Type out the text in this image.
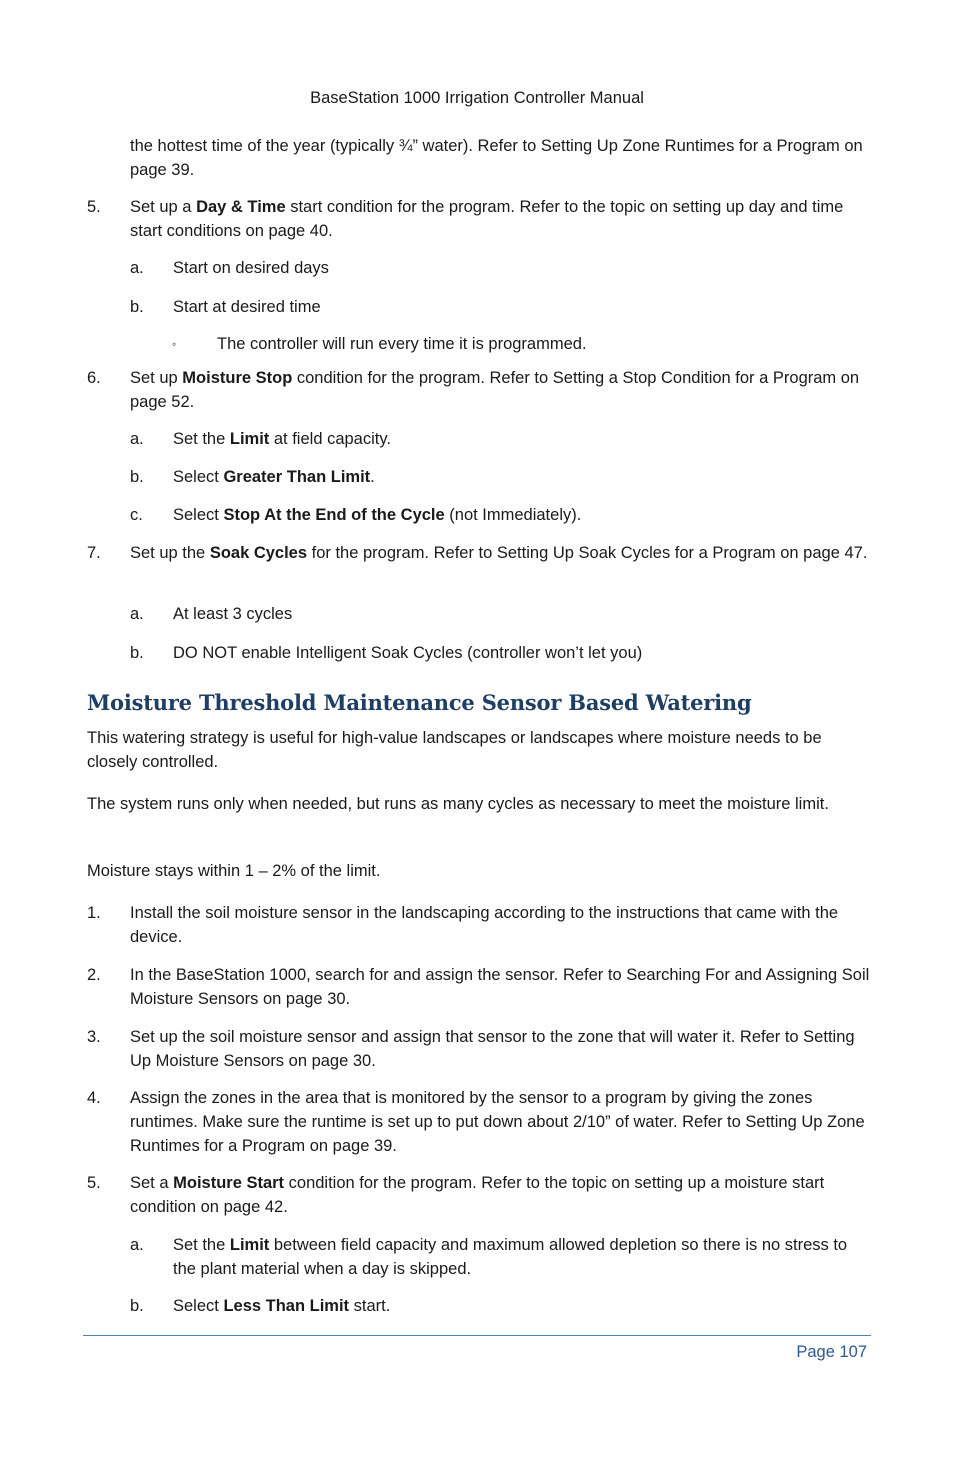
BaseStation 1000 Irrigation Controller Manual
the hottest time of the year (typically ¾” water). Refer to Setting Up Zone Runtimes for a Program on page 39.
5. Set up a Day & Time start condition for the program. Refer to the topic on setting up day and time start conditions on page 40.
a. Start on desired days
b. Start at desired time
◦ The controller will run every time it is programmed.
6. Set up Moisture Stop condition for the program. Refer to Setting a Stop Condition for a Program on page 52.
a. Set the Limit at field capacity.
b. Select Greater Than Limit.
c. Select Stop At the End of the Cycle (not Immediately).
7. Set up the Soak Cycles for the program. Refer to Setting Up Soak Cycles for a Program on page 47.
a. At least 3 cycles
b. DO NOT enable Intelligent Soak Cycles (controller won’t let you)
Moisture Threshold Maintenance Sensor Based Watering
This watering strategy is useful for high-value landscapes or landscapes where moisture needs to be closely controlled.
The system runs only when needed, but runs as many cycles as necessary to meet the moisture limit.
Moisture stays within 1 – 2% of the limit.
1. Install the soil moisture sensor in the landscaping according to the instructions that came with the device.
2. In the BaseStation 1000, search for and assign the sensor. Refer to Searching For and Assigning Soil Moisture Sensors on page 30.
3. Set up the soil moisture sensor and assign that sensor to the zone that will water it. Refer to Setting Up Moisture Sensors on page 30.
4. Assign the zones in the area that is monitored by the sensor to a program by giving the zones runtimes. Make sure the runtime is set up to put down about 2/10” of water. Refer to Setting Up Zone Runtimes for a Program on page 39.
5. Set a Moisture Start condition for the program. Refer to the topic on setting up a moisture start condition on page 42.
a. Set the Limit between field capacity and maximum allowed depletion so there is no stress to the plant material when a day is skipped.
b. Select Less Than Limit start.
Page 107
